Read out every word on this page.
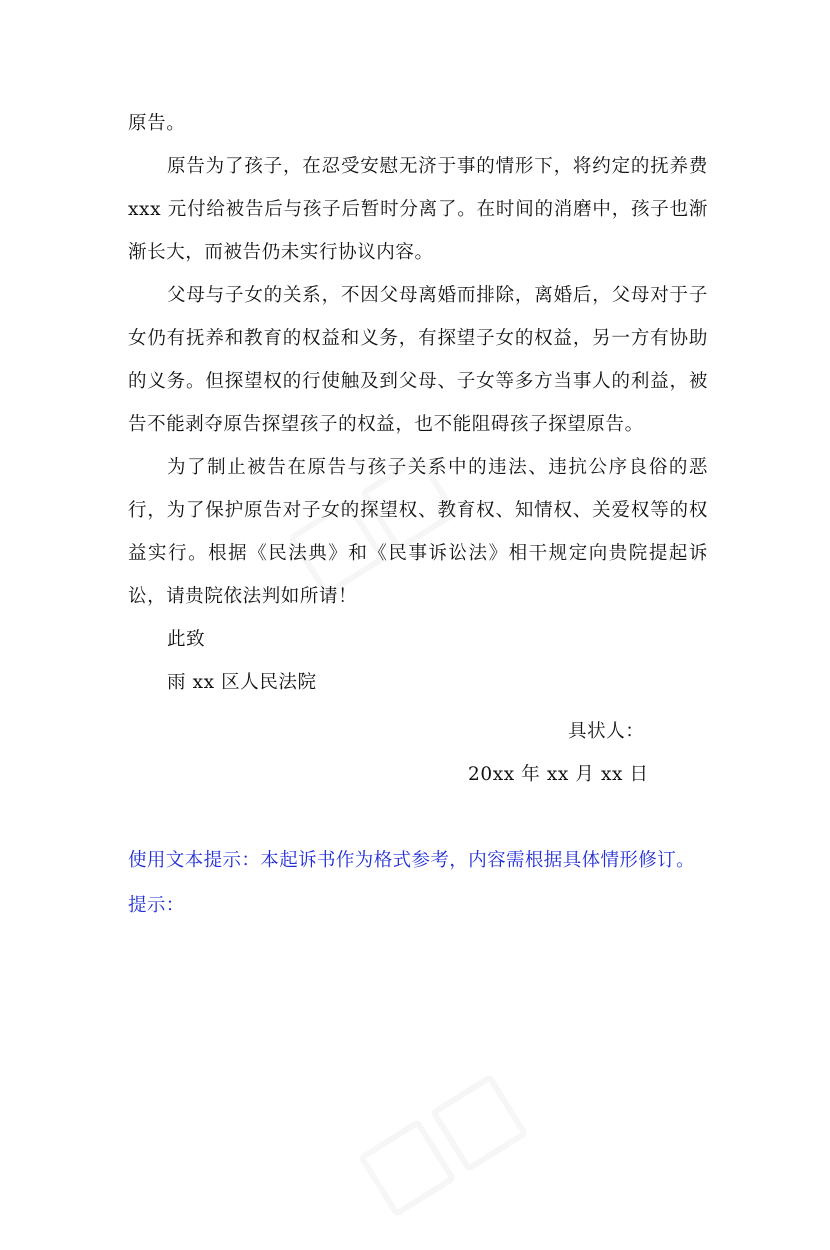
原告。

原告为了孩子，在忍受安慰无济于事的情形下，将约定的抚养费 xxx 元付给被告后与孩子后暂时分离了。在时间的消磨中，孩子也渐渐长大，而被告仍未实行协议内容。

父母与子女的关系，不因父母离婚而排除，离婚后，父母对于子女仍有抚养和教育的权益和义务，有探望子女的权益，另一方有协助的义务。但探望权的行使触及到父母、子女等多方当事人的利益，被告不能剥夺原告探望孩子的权益，也不能阻碍孩子探望原告。

为了制止被告在原告与孩子关系中的违法、违抗公序良俗的恶行，为了保护原告对子女的探望权、教育权、知情权、关爱权等的权益实行。根据《民法典》和《民事诉讼法》相干规定向贵院提起诉讼，请贵院依法判如所请！

此致

雨 xx 区人民法院

具状人：
20xx 年 xx 月 xx 日
使用文本提示：本起诉书作为格式参考，内容需根据具体情形修订。
提示：
